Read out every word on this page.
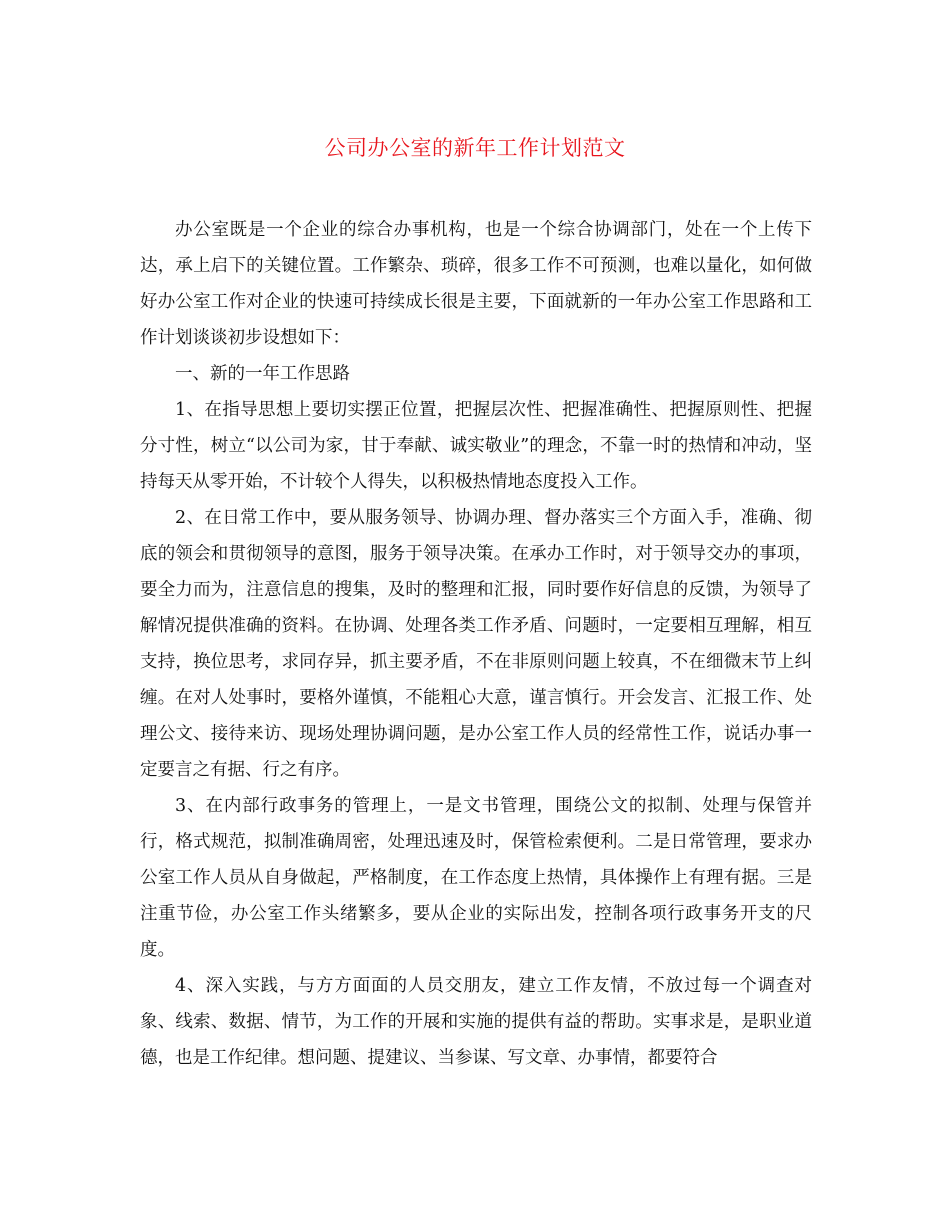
公司办公室的新年工作计划范文

办公室既是一个企业的综合办事机构，也是一个综合协调部门，处在一个上传下达，承上启下的关键位置。工作繁杂、琐碎，很多工作不可预测，也难以量化，如何做好办公室工作对企业的快速可持续成长很是主要，下面就新的一年办公室工作思路和工作计划谈谈初步设想如下：

一、新的一年工作思路

1、在指导思想上要切实摆正位置，把握层次性、把握准确性、把握原则性、把握分寸性，树立“以公司为家，甘于奉献、诚实敬业”的理念，不靠一时的热情和冲动，坚持每天从零开始，不计较个人得失，以积极热情地态度投入工作。

2、在日常工作中，要从服务领导、协调办理、督办落实三个方面入手，准确、彻底的领会和贯彻领导的意图，服务于领导决策。在承办工作时，对于领导交办的事项，要全力而为，注意信息的搜集，及时的整理和汇报，同时要作好信息的反馈，为领导了解情况提供准确的资料。在协调、处理各类工作矛盾、问题时，一定要相互理解，相互支持，换位思考，求同存异，抓主要矛盾，不在非原则问题上较真，不在细微末节上纠缠。在对人处事时，要格外谨慎，不能粗心大意，谨言慎行。开会发言、汇报工作、处理公文、接待来访、现场处理协调问题，是办公室工作人员的经常性工作，说话办事一定要言之有据、行之有序。

3、在内部行政事务的管理上，一是文书管理，围绕公文的拟制、处理与保管并行，格式规范，拟制准确周密，处理迅速及时，保管检索便利。二是日常管理，要求办公室工作人员从自身做起，严格制度，在工作态度上热情，具体操作上有理有据。三是注重节俭，办公室工作头绪繁多，要从企业的实际出发，控制各项行政事务开支的尺度。

4、深入实践，与方方面面的人员交朋友，建立工作友情，不放过每一个调查对象、线索、数据、情节，为工作的开展和实施的提供有益的帮助。实事求是，是职业道德，也是工作纪律。想问题、提建议、当参谋、写文章、办事情，都要符合
